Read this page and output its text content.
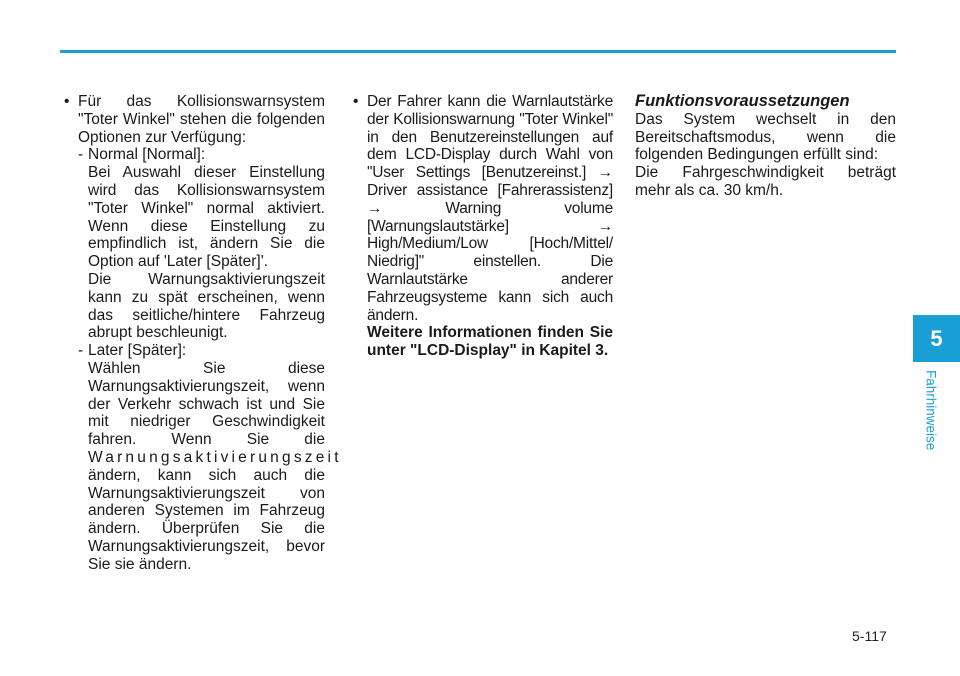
• Für das Kollisionswarnsystem "Toter Winkel" stehen die folgenden Optionen zur Verfügung:

- Normal [Normal]:

Bei Auswahl dieser Einstellung wird das Kollisionswarnsystem "Toter Winkel" normal aktiviert. Wenn diese Einstellung zu empfindlich ist, ändern Sie die Option auf 'Later [Später]'.

Die Warnungsaktivierungszeit kann zu spät erscheinen, wenn das seitliche/hintere Fahrzeug abrupt beschleunigt.

- Later [Später]:

Wählen Sie diese Warnungsaktivierungszeit, wenn der Verkehr schwach ist und Sie mit niedriger Geschwindigkeit fahren. Wenn Sie die Warnungsaktivierungszeit ändern, kann sich auch die Warnungsaktivierungszeit von anderen Systemen im Fahrzeug ändern. Überprüfen Sie die Warnungsaktivierungszeit, bevor Sie sie ändern.

• Der Fahrer kann die Warnlautstärke der Kollisionswarnung "Toter Winkel" in den Benutzereinstellungen auf dem LCD-Display durch Wahl von "User Settings [Benutzereinst.] → Driver assistance [Fahrerassistenz] → Warning volume [Warnungslautstärke] → High/Medium/Low [Hoch/Mittel/ Niedrig]" einstellen. Die Warnlautstärke anderer Fahrzeugsysteme kann sich auch ändern.

Weitere Informationen finden Sie unter "LCD-Display" in Kapitel 3.

Funktionsvoraussetzungen

Das System wechselt in den Bereitschaftsmodus, wenn die folgenden Bedingungen erfüllt sind:

Die Fahrgeschwindigkeit beträgt mehr als ca. 30 km/h.

5
Fahrhinweise
5-117
